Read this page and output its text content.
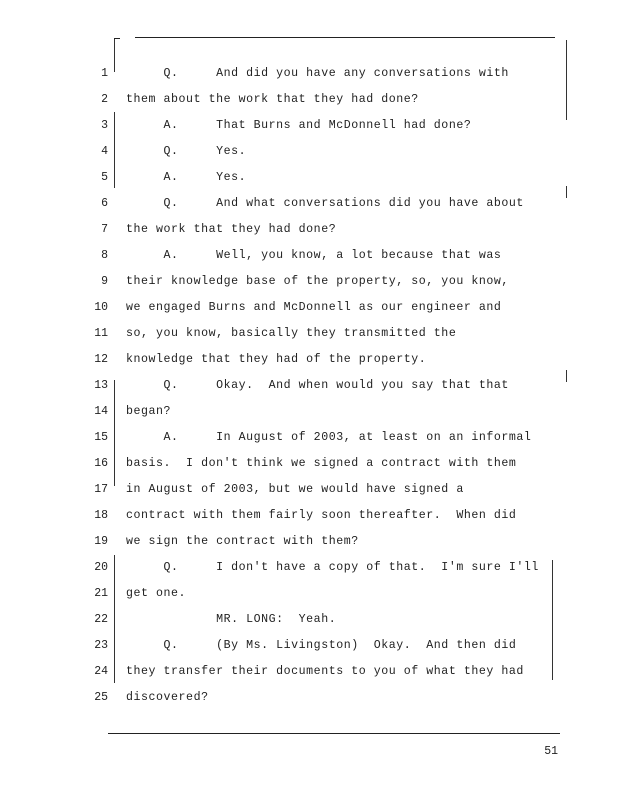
1 Q.     And did you have any conversations with
2 them about the work that they had done?
3 A.     That Burns and McDonnell had done?
4 Q.     Yes.
5 A.     Yes.
6 Q.     And what conversations did you have about
7 the work that they had done?
8 A.     Well, you know, a lot because that was
9 their knowledge base of the property, so, you know,
10 we engaged Burns and McDonnell as our engineer and
11 so, you know, basically they transmitted the
12 knowledge that they had of the property.
13 Q.     Okay.  And when would you say that that
14 began?
15 A.     In August of 2003, at least on an informal
16 basis.  I don't think we signed a contract with them
17 in August of 2003, but we would have signed a
18 contract with them fairly soon thereafter.  When did
19 we sign the contract with them?
20 Q.     I don't have a copy of that.  I'm sure I'll
21 get one.
22 MR. LONG:  Yeah.
23 Q.     (By Ms. Livingston)  Okay.  And then did
24 they transfer their documents to you of what they had
25 discovered?
51
